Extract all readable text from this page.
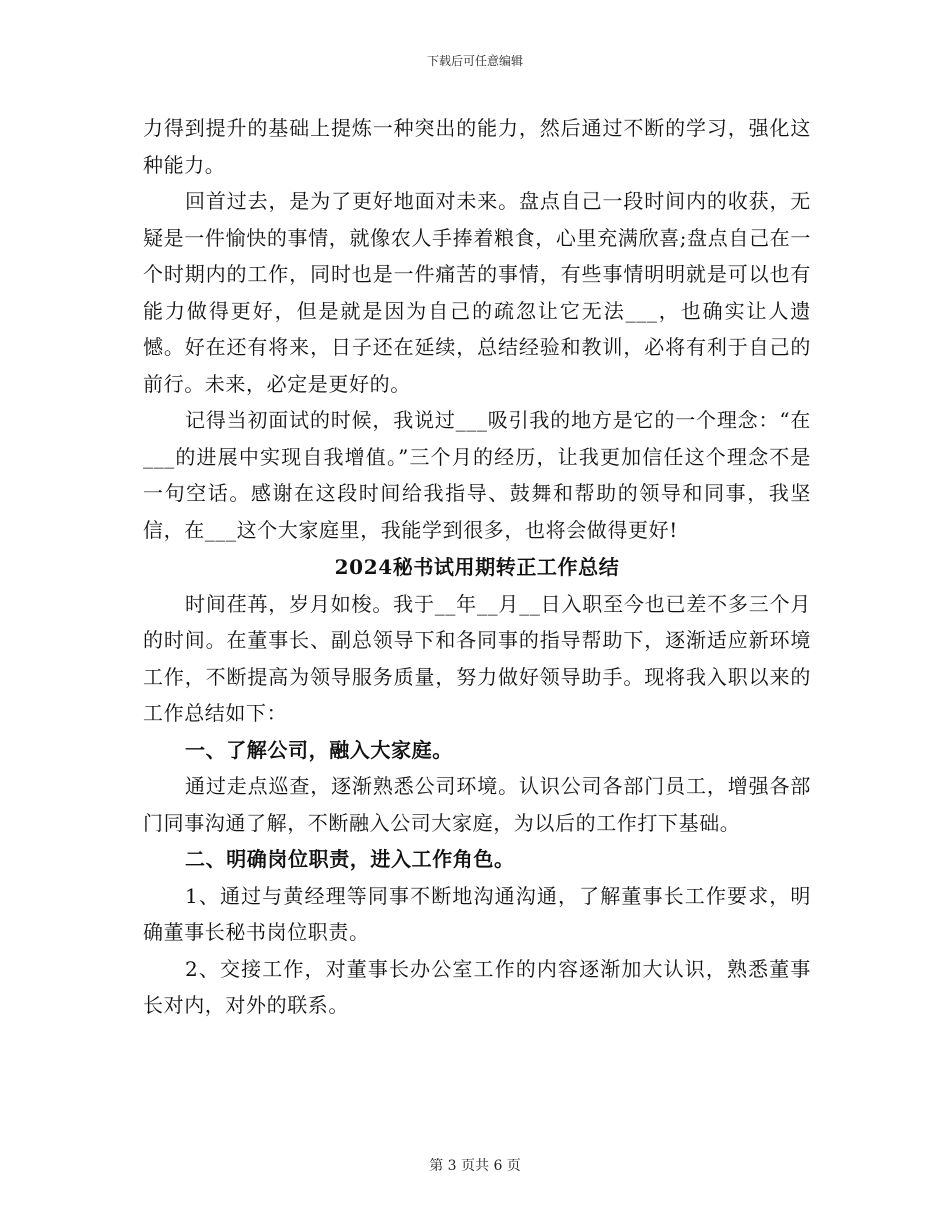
下载后可任意编辑

力得到提升的基础上提炼一种突出的能力，然后通过不断的学习，强化这种能力。

回首过去，是为了更好地面对未来。盘点自己一段时间内的收获，无疑是一件愉快的事情，就像农人手捧着粮食，心里充满欣喜;盘点自己在一个时期内的工作，同时也是一件痛苦的事情，有些事情明明就是可以也有能力做得更好，但是就是因为自己的疏忽让它无法___，也确实让人遗憾。好在还有将来，日子还在延续，总结经验和教训，必将有利于自己的前行。未来，必定是更好的。

记得当初面试的时候，我说过___吸引我的地方是它的一个理念：“在___的进展中实现自我增值。”三个月的经历，让我更加信任这个理念不是一句空话。感谢在这段时间给我指导、鼓舞和帮助的领导和同事，我坚信，在___这个大家庭里，我能学到很多，也将会做得更好!

2024秘书试用期转正工作总结

时间荏苒，岁月如梭。我于__年__月__日入职至今也已差不多三个月的时间。在董事长、副总领导下和各同事的指导帮助下，逐渐适应新环境工作，不断提高为领导服务质量，努力做好领导助手。现将我入职以来的工作总结如下：

一、了解公司，融入大家庭。

通过走点巡查，逐渐熟悉公司环境。认识公司各部门员工，增强各部门同事沟通了解，不断融入公司大家庭，为以后的工作打下基础。

二、明确岗位职责，进入工作角色。

1、通过与黄经理等同事不断地沟通沟通，了解董事长工作要求，明确董事长秘书岗位职责。

2、交接工作，对董事长办公室工作的内容逐渐加大认识，熟悉董事长对内，对外的联系。

第 3 页共 6 页
